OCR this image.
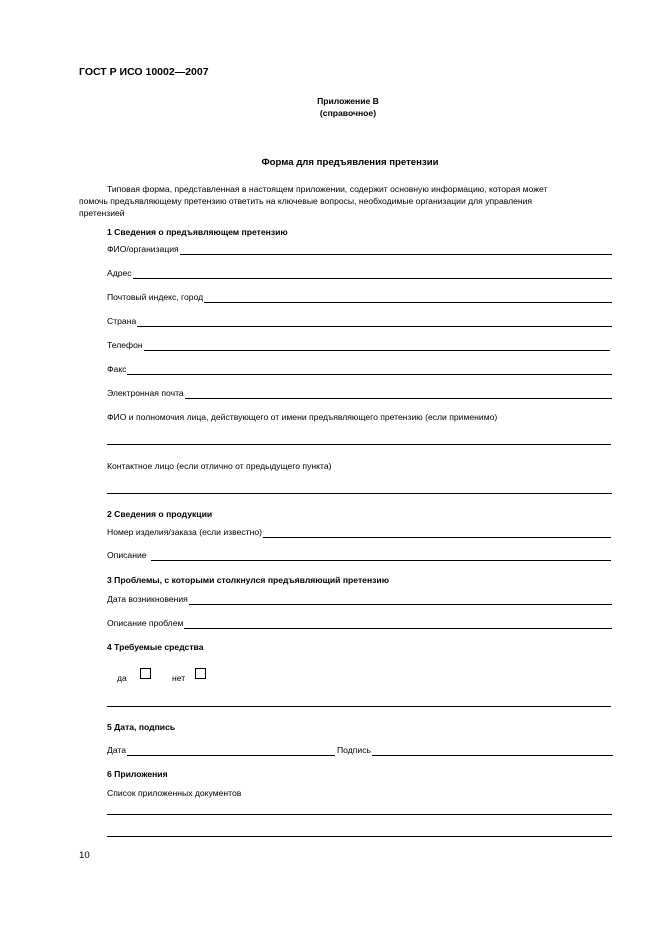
ГОСТ Р ИСО 10002—2007
Приложение В
(справочное)
Форма для предъявления претензии
Типовая форма, представленная в настоящем приложении, содержит основную информацию, которая может
помочь предъявляющему претензию ответить на ключевые вопросы, необходимые организации для управления
претензией
1 Сведения о предъявляющем претензию
ФИО/организация
Адрес
Почтовый индекс, город
Страна
Телефон
Факс
Электронная почта
ФИО и полномочия лица, действующего от имени предъявляющего претензию (если применимо)
Контактное лицо (если отлично от предыдущего пункта)
2 Сведения о продукции
Номер изделия/заказа (если известно)
Описание
3 Проблемы, с которыми столкнулся предъявляющий претензию
Дата возникновения
Описание проблем
4 Требуемые средства
да	нет
5 Дата, подпись
Дата	Подпись
6 Приложения
Список приложенных документов
10
